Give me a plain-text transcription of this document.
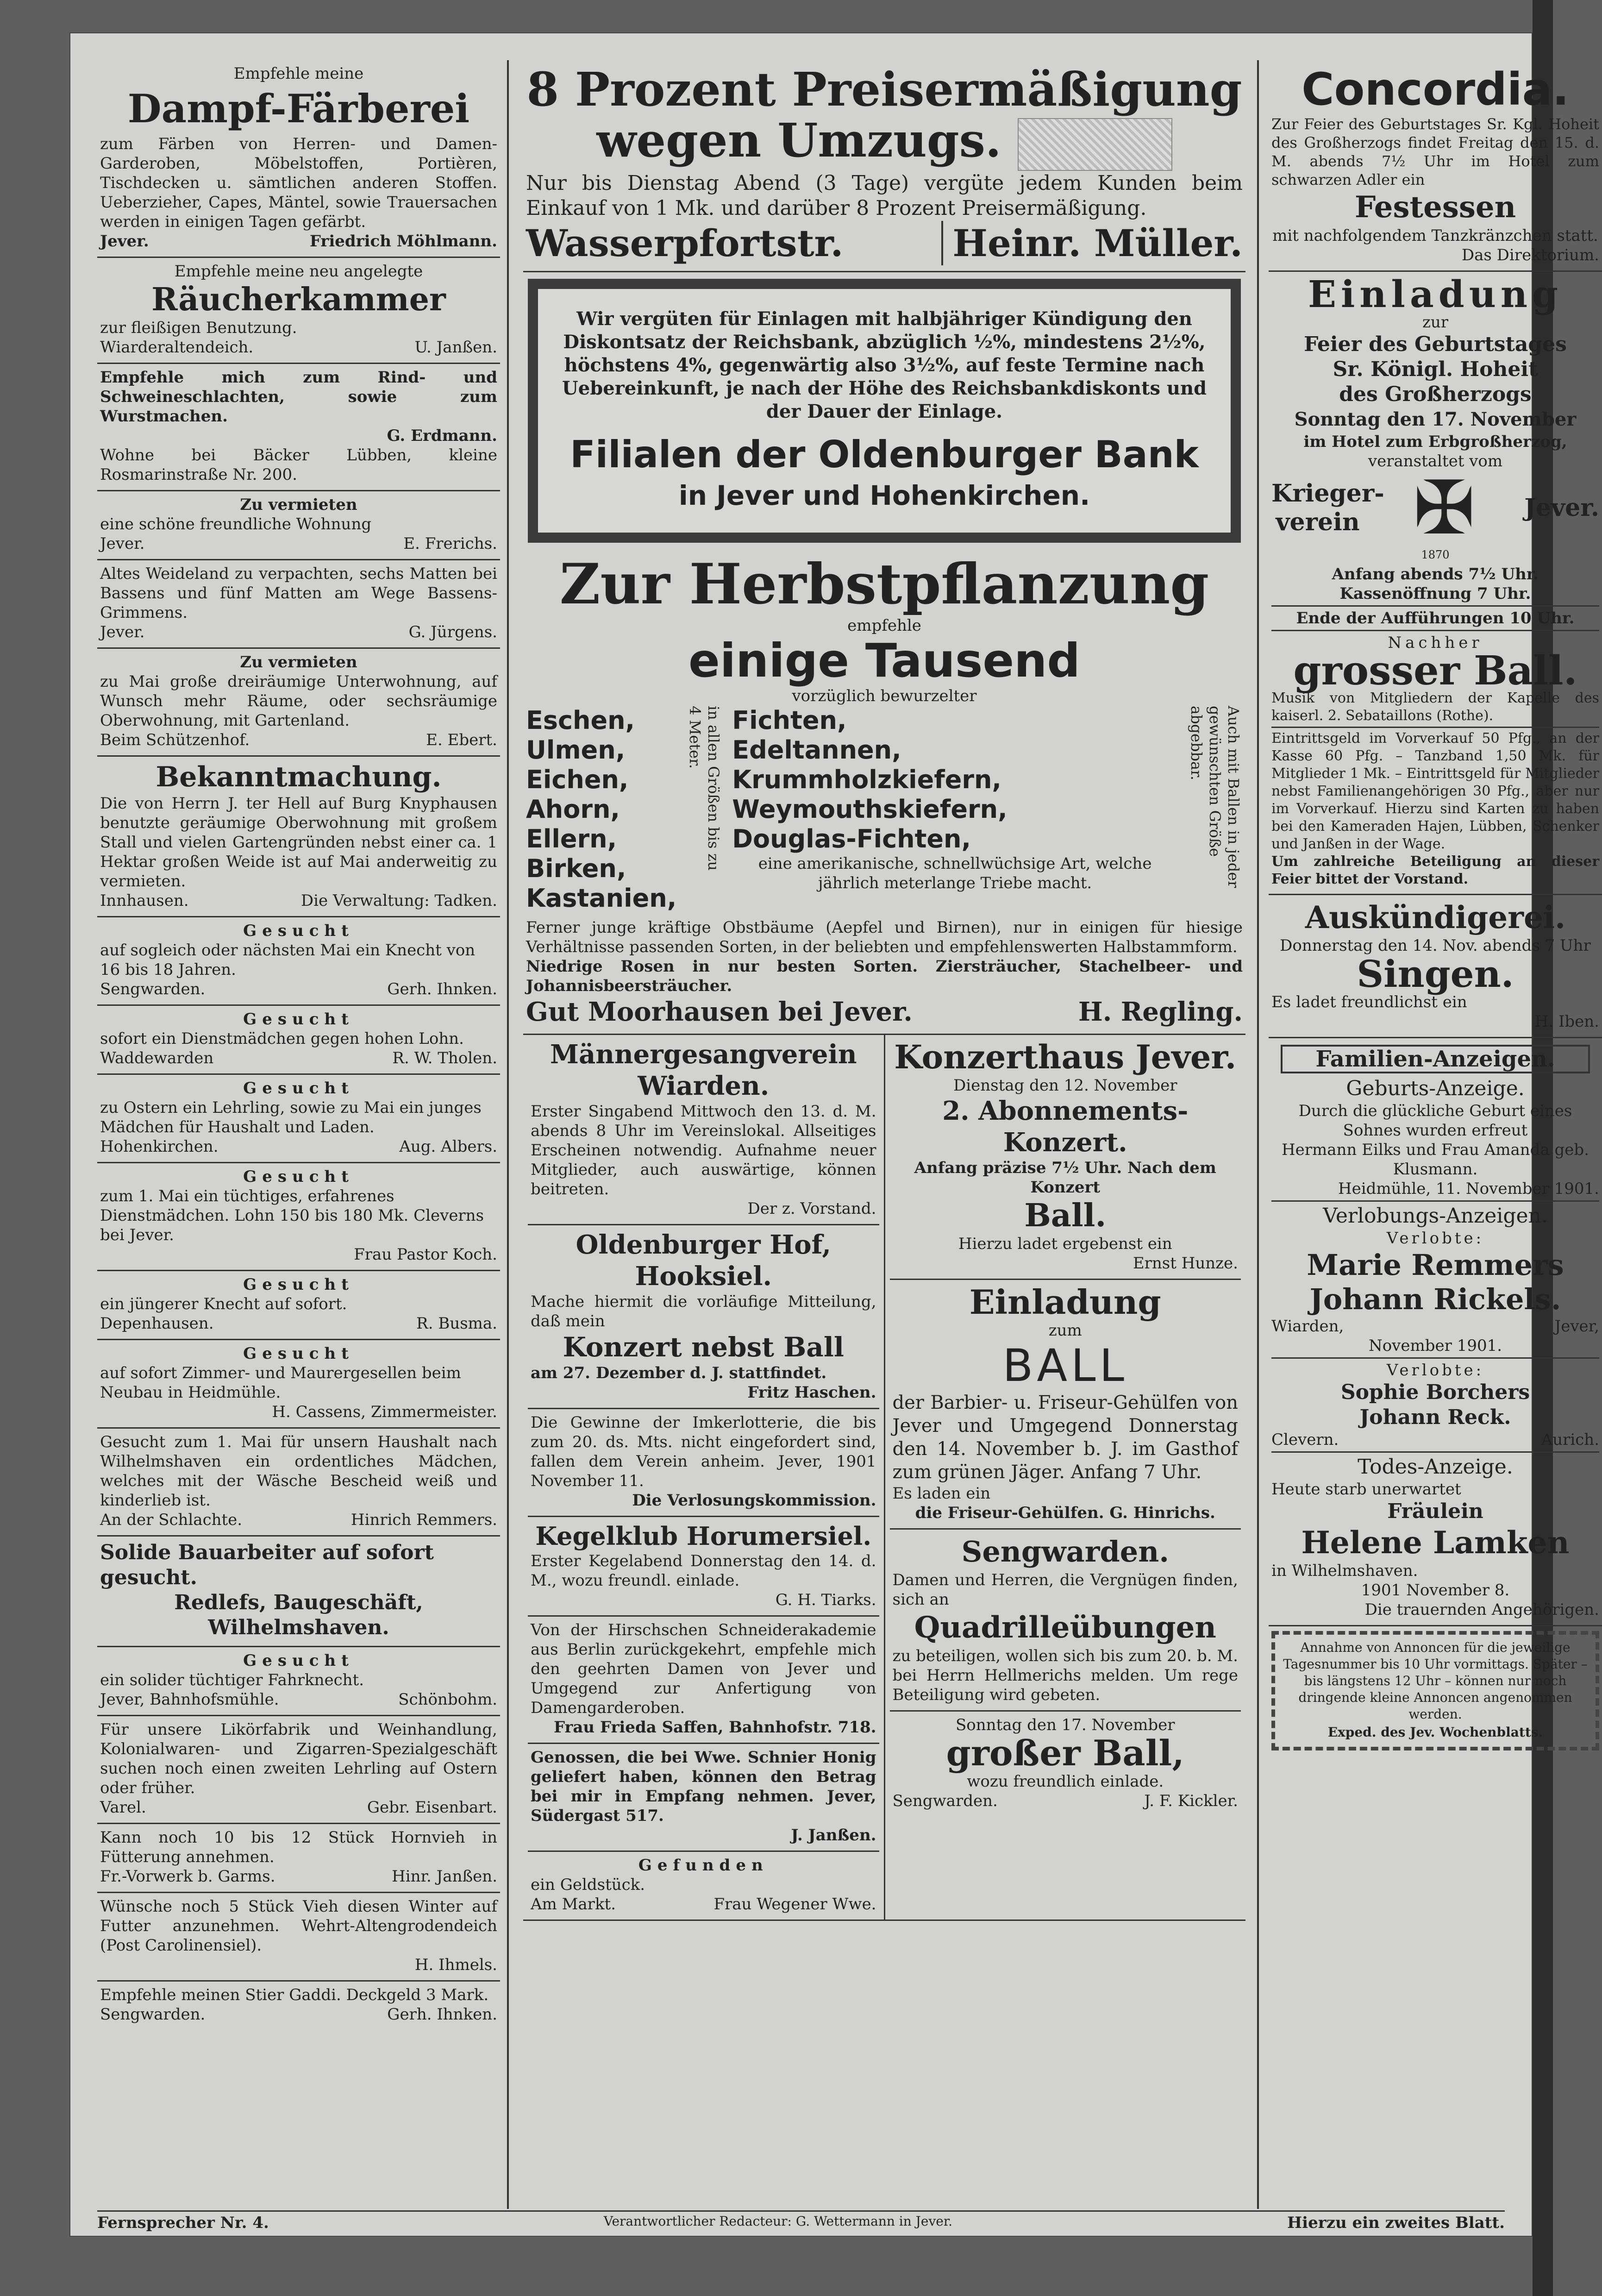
Empfehle meine
Dampf-Färberei
zum Färben von Herren- und Damen-Garderoben, Möbelstoffen, Portièren, Tischdecken u. sämtlichen anderen Stoffen. Ueberzieher, Capes, Mäntel, sowie Trauersachen werden in einigen Tagen gefärbt.
Jever.	Friedrich Möhlmann.
Empfehle meine neu angelegte
Räucherkammer
zur fleißigen Benutzung.
Wiarderaltendeich.	U. Janßen.
Empfehle mich zum Rind- und Schweineschlachten, sowie zum Wurstmachen.
G. Erdmann.
Wohne bei Bäcker Lübben, kleine Rosmarinstraße Nr. 200.
Zu vermieten
eine schöne freundliche Wohnung
Jever.	E. Frerichs.
Altes Weideland zu verpachten, sechs Matten bei Bassens und fünf Matten am Wege Bassens-Grimmens.
Jever.	G. Jürgens.
Zu vermieten
zu Mai große dreiräumige Unterwohnung, auf Wunsch mehr Räume, oder sechsräumige Oberwohnung, mit Gartenland.
Beim Schützenhof.	E. Ebert.
Bekanntmachung.
Die von Herrn J. ter Hell auf Burg Knyphausen benutzte geräumige Oberwohnung mit großem Stall und vielen Gartengründen nebst einer ca. 1 Hektar großen Weide ist auf Mai anderweitig zu vermieten.
Innhausen.	Die Verwaltung: Tadken.
Gesucht
auf sogleich oder nächsten Mai ein Knecht von 16 bis 18 Jahren.
Sengwarden.	Gerh. Ihnken.
Gesucht
sofort ein Dienstmädchen gegen hohen Lohn.
Waddewarden	R. W. Tholen.
Gesucht
zu Ostern ein Lehrling, sowie zu Mai ein junges Mädchen für Haushalt und Laden.
Hohenkirchen.	Aug. Albers.
Gesucht
zum 1. Mai ein tüchtiges, erfahrenes Dienstmädchen. Lohn 150 bis 180 Mk. Cleverns bei Jever.
Frau Pastor Koch.
Gesucht
ein jüngerer Knecht auf sofort.
Depenhausen.	R. Busma.
Gesucht
auf sofort Zimmer- und Maurergesellen beim Neubau in Heidmühle.
H. Cassens, Zimmermeister.
Gesucht zum 1. Mai für unsern Haushalt nach Wilhelmshaven ein ordentliches Mädchen, welches mit der Wäsche Bescheid weiß und kinderlieb ist.
An der Schlachte.	Hinrich Remmers.
Solide Bauarbeiter auf sofort gesucht.
Redlefs, Baugeschäft, Wilhelmshaven.
Gesucht
ein solider tüchtiger Fahrknecht.
Jever, Bahnhofsmühle.	Schönbohm.
Für unsere Likörfabrik und Weinhandlung, Kolonialwaren- und Zigarren-Spezialgeschäft suchen noch einen zweiten Lehrling auf Ostern oder früher.
Varel.	Gebr. Eisenbart.
Kann noch 10 bis 12 Stück Hornvieh in Fütterung annehmen.
Fr.-Vorwerk b. Garms.	Hinr. Janßen.
Wünsche noch 5 Stück Vieh diesen Winter auf Futter anzunehmen. Wehrt-Altengrodendeich (Post Carolinensiel).
H. Ihmels.
Empfehle meinen Stier Gaddi. Deckgeld 3 Mark.
Sengwarden.	Gerh. Ihnken.
8 Prozent Preisermäßigung
wegen Umzugs.
Nur bis Dienstag Abend (3 Tage) vergüte jedem Kunden beim Einkauf von 1 Mk. und darüber 8 Prozent Preisermäßigung.
Wasserpfortstr.	Heinr. Müller.
Wir vergüten für Einlagen mit halbjähriger Kündigung den Diskontsatz der Reichsbank, abzüglich ½%, mindestens 2½%, höchstens 4%, gegenwärtig also 3½%, auf feste Termine nach Uebereinkunft, je nach der Höhe des Reichsbankdiskonts und der Dauer der Einlage.
Filialen der Oldenburger Bank
in Jever und Hohenkirchen.
Zur Herbstpflanzung
empfehle
einige Tausend
vorzüglich bewurzelter
Eschen,
Ulmen,
Eichen,
Ahorn,
Ellern,
Birken,
Kastanien,
in allen Größen bis zu 4 Meter.	Fichten,
Edeltannen,
Krummholzkiefern,
Weymouthskiefern,
Douglas-Fichten,
eine amerikanische, schnellwüchsige Art, welche jährlich meterlange Triebe macht.	Auch mit Ballen in jeder gewünschten Größe abgebbar.
Ferner junge kräftige Obstbäume (Aepfel und Birnen), nur in einigen für hiesige Verhältnisse passenden Sorten, in der beliebten und empfehlenswerten Halbstammform.
Niedrige Rosen in nur besten Sorten. Ziersträucher, Stachelbeer- und Johannisbeersträucher.
Gut Moorhausen bei Jever.	H. Regling.
Männergesangverein Wiarden.
Erster Singabend Mittwoch den 13. d. M. abends 8 Uhr im Vereinslokal. Allseitiges Erscheinen notwendig. Aufnahme neuer Mitglieder, auch auswärtige, können beitreten.
Der z. Vorstand.
Oldenburger Hof, Hooksiel.
Mache hiermit die vorläufige Mitteilung, daß mein
Konzert nebst Ball
am 27. Dezember d. J. stattfindet.
Fritz Haschen.
Die Gewinne der Imkerlotterie, die bis zum 20. ds. Mts. nicht eingefordert sind, fallen dem Verein anheim. Jever, 1901 November 11.
Die Verlosungskommission.
Kegelklub Horumersiel.
Erster Kegelabend Donnerstag den 14. d. M., wozu freundl. einlade.
G. H. Tiarks.
Von der Hirschschen Schneiderakademie aus Berlin zurückgekehrt, empfehle mich den geehrten Damen von Jever und Umgegend zur Anfertigung von Damengarderoben.
Frau Frieda Saffen, Bahnhofstr. 718.
Genossen, die bei Wwe. Schnier Honig geliefert haben, können den Betrag bei mir in Empfang nehmen. Jever, Südergast 517.
J. Janßen.
Gefunden
ein Geldstück.
Am Markt.	Frau Wegener Wwe.
Konzerthaus Jever.
Dienstag den 12. November
2. Abonnements-Konzert.
Anfang präzise 7½ Uhr. Nach dem Konzert
Ball.
Hierzu ladet ergebenst ein
Ernst Hunze.
Einladung
zum
BALL
der Barbier- u. Friseur-Gehülfen von Jever und Umgegend Donnerstag den 14. November b. J. im Gasthof zum grünen Jäger. Anfang 7 Uhr.
Es laden ein
die Friseur-Gehülfen. G. Hinrichs.
Sengwarden.
Damen und Herren, die Vergnügen finden, sich an
Quadrilleübungen
zu beteiligen, wollen sich bis zum 20. b. M. bei Herrn Hellmerichs melden. Um rege Beteiligung wird gebeten.
Sonntag den 17. November
großer Ball,
wozu freundlich einlade.
Sengwarden.	J. F. Kickler.
Concordia.
Zur Feier des Geburtstages Sr. Kgl. Hoheit des Großherzogs findet Freitag den 15. d. M. abends 7½ Uhr im Hotel zum schwarzen Adler ein
Festessen
mit nachfolgendem Tanzkränzchen statt.
Das Direktorium.
Einladung
zur
Feier des Geburtstages
Sr. Königl. Hoheit
des Großherzogs
Sonntag den 17. November
im Hotel zum Erbgroßherzog,
veranstaltet vom
Krieger-verein ✠ Jever.
1870
Anfang abends 7½ Uhr. Kassenöffnung 7 Uhr.
Ende der Aufführungen 10 Uhr.
Nachher
grosser Ball.
Musik von Mitgliedern der Kapelle des kaiserl. 2. Sebataillons (Rothe).
Eintrittsgeld im Vorverkauf 50 Pfg., an der Kasse 60 Pfg. – Tanzband 1,50 Mk. für Mitglieder 1 Mk. – Eintrittsgeld für Mitglieder nebst Familienangehörigen 30 Pfg., aber nur im Vorverkauf. Hierzu sind Karten zu haben bei den Kameraden Hajen, Lübben, Schenker und Janßen in der Wage.
Um zahlreiche Beteiligung an dieser Feier bittet der Vorstand.
Auskündigerei.
Donnerstag den 14. Nov. abends 7 Uhr
Singen.
Es ladet freundlichst ein
H. Iben.
Familien-Anzeigen.
Geburts-Anzeige.
Durch die glückliche Geburt eines Sohnes wurden erfreut
Hermann Eilks und Frau Amanda geb. Klusmann.
Heidmühle, 11. November 1901.
Verlobungs-Anzeigen.
Verlobte:
Marie Remmers
Johann Rickels.
Wiarden,	Jever,
November 1901.
Verlobte:
Sophie Borchers
Johann Reck.
Clevern.	Aurich.
Todes-Anzeige.
Heute starb unerwartet
Fräulein
Helene Lamken
in Wilhelmshaven.
1901 November 8.
Die trauernden Angehörigen.
Annahme von Annoncen für die jeweilige Tagesnummer bis 10 Uhr vormittags. Später – bis längstens 12 Uhr – können nur noch dringende kleine Annoncen angenommen werden.
Exped. des Jev. Wochenblatts.
Fernsprecher Nr. 4.	Verantwortlicher Redacteur: G. Wettermann in Jever.	Hierzu ein zweites Blatt.
